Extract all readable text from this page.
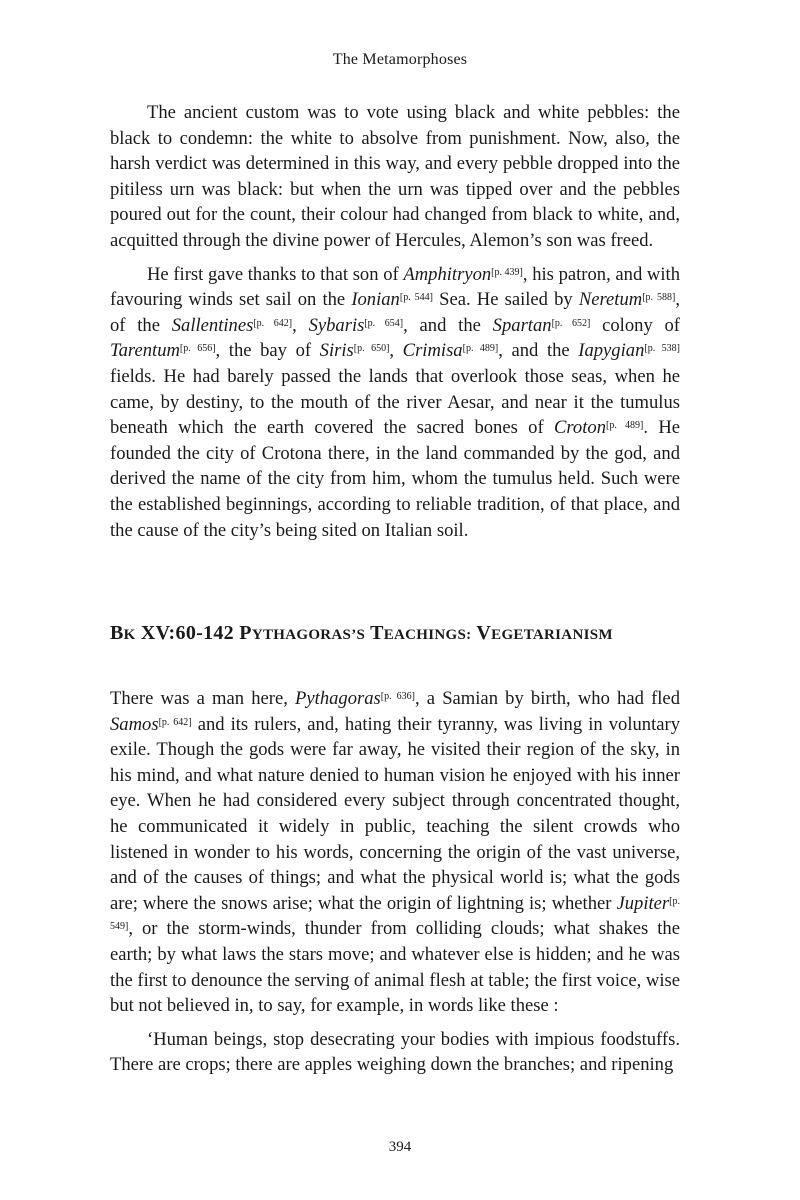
The Metamorphoses

The ancient custom was to vote using black and white pebbles: the black to condemn: the white to absolve from punishment. Now, also, the harsh verdict was determined in this way, and every pebble dropped into the pitiless urn was black: but when the urn was tipped over and the pebbles poured out for the count, their colour had changed from black to white, and, acquitted through the divine power of Hercules, Alemon’s son was freed.

He first gave thanks to that son of Amphitryon[p. 439], his patron, and with favouring winds set sail on the Ionian[p. 544] Sea. He sailed by Neretum[p. 588], of the Sallentines[p. 642], Sybaris[p. 654], and the Spartan[p. 652] colony of Tarentum[p. 656], the bay of Siris[p. 650], Crimisa[p. 489], and the Iapygian[p. 538] fields. He had barely passed the lands that overlook those seas, when he came, by destiny, to the mouth of the river Aesar, and near it the tumulus beneath which the earth covered the sacred bones of Croton[p. 489]. He founded the city of Crotona there, in the land commanded by the god, and derived the name of the city from him, whom the tumulus held. Such were the established beginnings, according to reliable tradition, of that place, and the cause of the city’s being sited on Italian soil.

BK XV:60-142 PYTHAGORAS’S TEACHINGS: VEGETARIANISM

There was a man here, Pythagoras[p. 636], a Samian by birth, who had fled Samos[p. 642] and its rulers, and, hating their tyranny, was living in voluntary exile. Though the gods were far away, he visited their region of the sky, in his mind, and what nature denied to human vision he enjoyed with his inner eye. When he had considered every subject through concentrated thought, he communicated it widely in public, teaching the silent crowds who listened in wonder to his words, concerning the origin of the vast universe, and of the causes of things; and what the physical world is; what the gods are; where the snows arise; what the origin of lightning is; whether Jupiter[p. 549], or the storm-winds, thunder from colliding clouds; what shakes the earth; by what laws the stars move; and whatever else is hidden; and he was the first to denounce the serving of animal flesh at table; the first voice, wise but not believed in, to say, for example, in words like these :

‘Human beings, stop desecrating your bodies with impious foodstuffs. There are crops; there are apples weighing down the branches; and ripening

394
